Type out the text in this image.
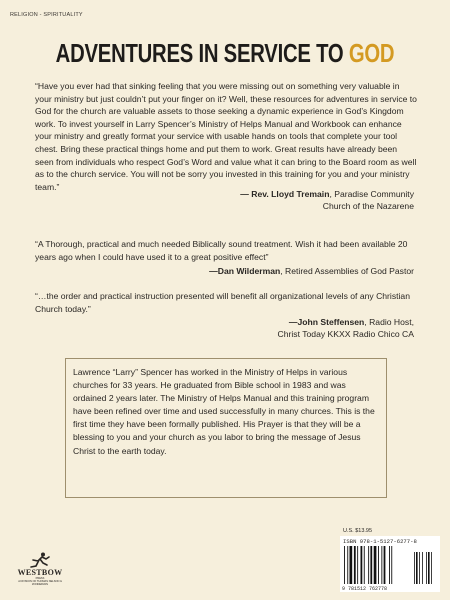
RELIGION - SPIRITUALITY
ADVENTURES IN SERVICE TO GOD
“Have you ever had that sinking feeling that you were missing out on something very valuable in your ministry but just couldn’t put your finger on it? Well, these resources for adventures in service to God for the church are valuable assets to those seeking a dynamic experience in God’s Kingdom work. To invest yourself in Larry Spencer’s Ministry of Helps Manual and Workbook can enhance your ministry and greatly format your service with usable hands on tools that complete your tool chest. Bring these practical things home and put them to work. Great results have already been seen from individuals who respect God’s Word and value what it can bring to the Board room as well as to the church service. You will not be sorry you invested in this training for you and your ministry team.”
— Rev. Lloyd Tremain, Paradise Community
Church of the Nazarene
“A Thorough, practical and much needed Biblically sound treatment. Wish it had been available 20 years ago when I could have used it to a great positive effect”
—Dan Wilderman, Retired Assemblies of God Pastor
“…the order and practical instruction presented will benefit all organizational levels of any Christian Church today.”
—John Steffensen, Radio Host,
Christ Today KKXX Radio Chico CA

Lawrence “Larry” Spencer has worked in the Ministry of Helps in various churches for 33 years. He graduated from Bible school in 1983 and was ordained 2 years later. The Ministry of Helps Manual and this training program have been refined over time and used successfully in many churces. This is the first time they have been formally published. His Prayer is that they will be a blessing to you and your church as you labor to bring the message of Jesus Christ to the earth today.

WESTBOW
PRESS
A DIVISION OF THOMAS NELSON & ZONDERVAN
U.S. $13.95
ISBN 978-1-5127-6277-8
9 781512 762778
